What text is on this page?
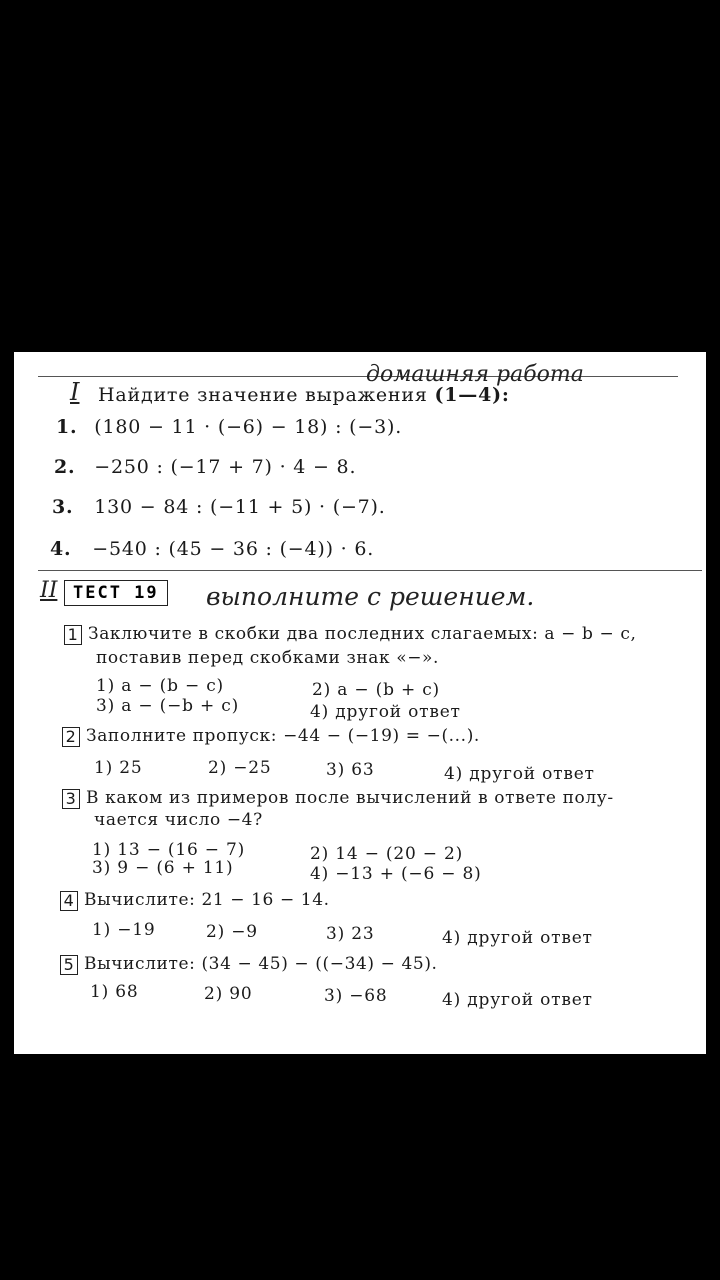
домашняя работа
I Найдите значение выражения (1—4):
1. (180 − 11 · (−6) − 18) : (−3).
2. −250 : (−17 + 7) · 4 − 8.
3. 130 − 84 : (−11 + 5) · (−7).
4. −540 : (45 − 36 : (−4)) · 6.
II ТЕСТ 19	выполните с решением.
1 Заключите в скобки два последних слагаемых: a − b − c,
поставив перед скобками знак «−».
1) a − (b − c)	2) a − (b + c)
3) a − (−b + c)	4) другой ответ
2 Заполните пропуск: −44 − (−19) = −(...).
1) 25	2) −25	3) 63	4) другой ответ
3 В каком из примеров после вычислений в ответе полу-
чается число −4?
1) 13 − (16 − 7)	2) 14 − (20 − 2)
3) 9 − (6 + 11)	4) −13 + (−6 − 8)
4 Вычислите: 21 − 16 − 14.
1) −19	2) −9	3) 23	4) другой ответ
5 Вычислите: (34 − 45) − ((−34) − 45).
1) 68	2) 90	3) −68	4) другой ответ
